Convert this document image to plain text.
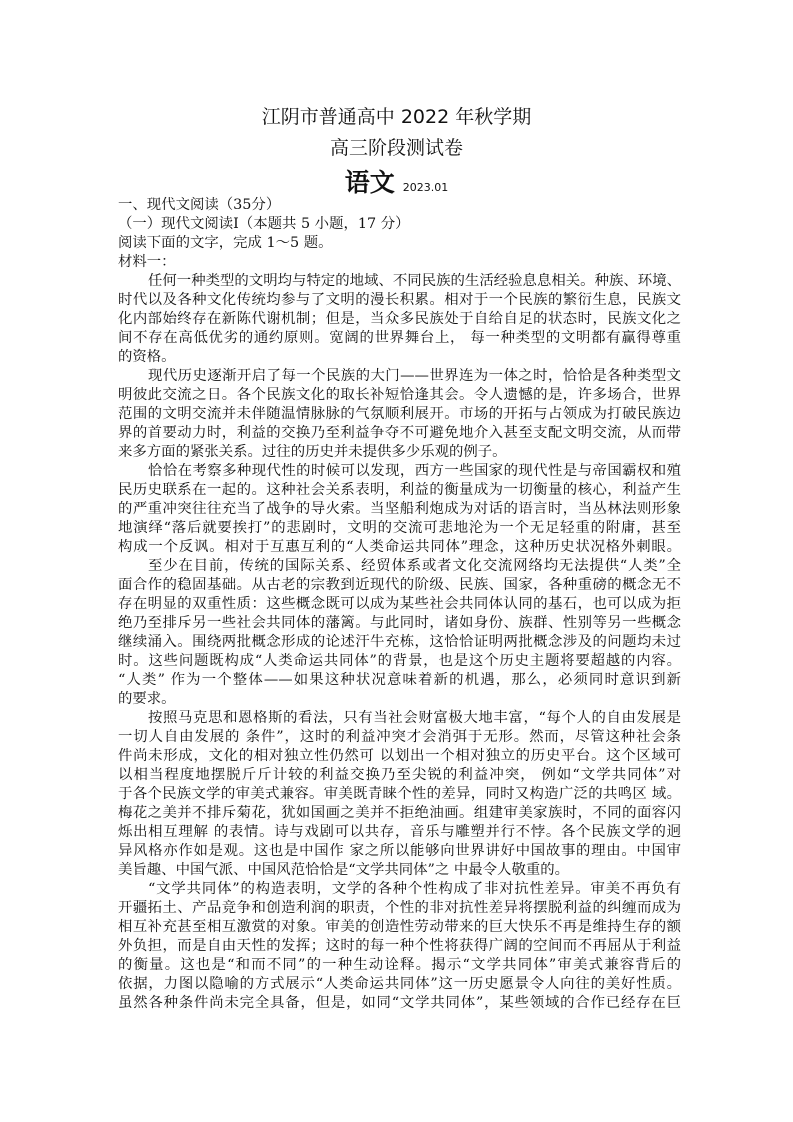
江阴市普通高中 2022 年秋学期
高三阶段测试卷
语文 2023.01
一、现代文阅读（35分）
（一）现代文阅读Ⅰ（本题共 5 小题，17 分）
阅读下面的文字，完成 1～5 题。
材料一：
任何一种类型的文明均与特定的地域、不同民族的生活经验息息相关。种族、环境、
时代以及各种文化传统均参与了文明的漫长积累。相对于一个民族的繁衍生息，民族文
化内部始终存在新陈代谢机制；但是，当众多民族处于自给自足的状态时，民族文化之
间不存在高低优劣的通约原则。宽阔的世界舞台上， 每一种类型的文明都有赢得尊重
的资格。
现代历史逐渐开启了每一个民族的大门——世界连为一体之时，恰恰是各种类型文
明彼此交流之日。各个民族文化的取长补短恰逢其会。令人遗憾的是，许多场合，世界
范围的文明交流并未伴随温情脉脉的气氛顺利展开。市场的开拓与占领成为打破民族边
界的首要动力时，利益的交换乃至利益争夺不可避免地介入甚至支配文明交流，从而带
来多方面的紧张关系。过往的历史并未提供多少乐观的例子。
恰恰在考察多种现代性的时候可以发现，西方一些国家的现代性是与帝国霸权和殖
民历史联系在一起的。这种社会关系表明，利益的衡量成为一切衡量的核心，利益产生
的严重冲突往往充当了战争的导火索。当坚船利炮成为对话的语言时，当丛林法则形象
地演绎“落后就要挨打”的悲剧时，文明的交流可悲地沦为一个无足轻重的附庸，甚至
构成一个反讽。相对于互惠互利的“人类命运共同体”理念，这种历史状况格外刺眼。
至少在目前，传统的国际关系、经贸体系或者文化交流网络均无法提供“人类”全
面合作的稳固基础。从古老的宗教到近现代的阶级、民族、国家，各种重磅的概念无不
存在明显的双重性质：这些概念既可以成为某些社会共同体认同的基石，也可以成为拒
绝乃至排斥另一些社会共同体的藩篱。与此同时，诸如身份、族群、性别等另一些概念
继续涌入。围绕两批概念形成的论述汗牛充栋，这恰恰证明两批概念涉及的问题均未过
时。这些问题既构成“人类命运共同体”的背景，也是这个历史主题将要超越的内容。
“人类” 作为一个整体——如果这种状况意味着新的机遇，那么，必须同时意识到新
的要求。
按照马克思和恩格斯的看法，只有当社会财富极大地丰富，“每个人的自由发展是
一切人自由发展的 条件”，这时的利益冲突才会消弭于无形。然而，尽管这种社会条
件尚未形成，文化的相对独立性仍然可 以划出一个相对独立的历史平台。这个区域可
以相当程度地摆脱斤斤计较的利益交换乃至尖锐的利益冲突， 例如“文学共同体”对
于各个民族文学的审美式兼容。审美既青睐个性的差异，同时又构造广泛的共鸣区 域。
梅花之美并不排斥菊花，犹如国画之美并不拒绝油画。组建审美家族时，不同的面容闪
烁出相互理解 的表情。诗与戏剧可以共存，音乐与雕塑并行不悖。各个民族文学的迥
异风格亦作如是观。这也是中国作 家之所以能够向世界讲好中国故事的理由。中国审
美旨趣、中国气派、中国风范恰恰是“文学共同体”之 中最令人敬重的。
“文学共同体”的构造表明，文学的各种个性构成了非对抗性差异。审美不再负有
开疆拓土、产品竞争和创造利润的职责，个性的非对抗性差异将摆脱利益的纠缠而成为
相互补充甚至相互激赏的对象。审美的创造性劳动带来的巨大快乐不再是维持生存的额
外负担，而是自由天性的发挥；这时的每一种个性将获得广阔的空间而不再屈从于利益
的衡量。这也是“和而不同”的一种生动诠释。揭示“文学共同体”审美式兼容背后的
依据，力图以隐喻的方式展示“人类命运共同体”这一历史愿景令人向往的美好性质。
虽然各种条件尚未完全具备，但是，如同“文学共同体”，某些领域的合作已经存在巨
